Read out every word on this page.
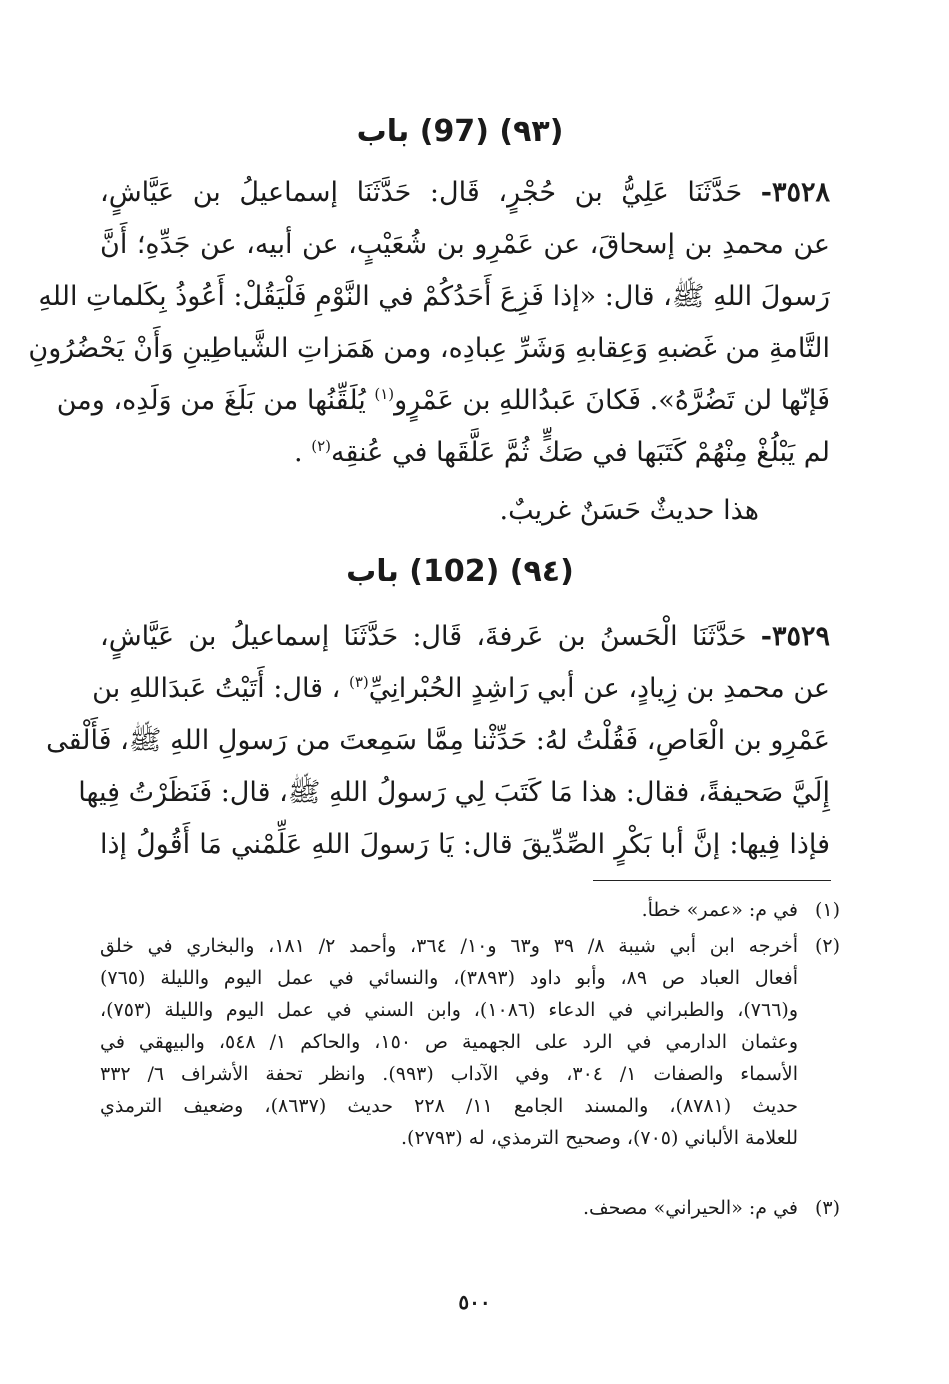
(٩٣) (97) باب
٣٥٢٨- حَدَّثَنَا عَلِيُّ بن حُجْرٍ، قَال: حَدَّثَنَا إسماعيلُ بن عَيَّاشٍ،
عن محمدِ بن إسحاقَ، عن عَمْرِو بن شُعَيْبٍ، عن أبيه، عن جَدِّهِ؛ أَنَّ
رَسولَ اللهِ ﷺ، قال: «إذا فَزِعَ أَحَدُكُمْ في النَّوْمِ فَلْيَقُلْ: أَعُوذُ بِكَلماتِ اللهِ
التَّامةِ من غَضبهِ وَعِقابهِ وَشَرِّ عِبادِه، ومن هَمَزاتِ الشَّياطِينِ وَأَنْ يَحْضُرُونِ
فَإنّها لن تَضُرَّهُ». فَكانَ عَبدُاللهِ بن عَمْرٍو$^{(١)}$ يُلَقِّنُها من بَلَغَ من وَلَدِه، ومن
لم يَبْلُغْ مِنْهُمْ كَتَبَها في صَكٍّ ثُمَّ عَلَّقَها في عُنقِه$^{(٢)}$ .
هذا حديثٌ حَسَنٌ غريبٌ.
(٩٤) (102) باب
٣٥٢٩- حَدَّثَنَا الْحَسنُ بن عَرفةَ، قَال: حَدَّثَنَا إسماعيلُ بن عَيَّاشٍ،
عن محمدِ بن زِيادٍ، عن أبي رَاشِدٍ الحُبْرانِيِّ$^{(٣)}$ ، قال: أَتَيْتُ عَبدَاللهِ بن
عَمْرِو بن الْعَاصِ، فَقُلْتُ لهُ: حَدِّثْنا مِمَّا سَمِعتَ من رَسولِ اللهِ ﷺ، فَأَلْقى
إِلَيَّ صَحيفةً، فقال: هذا مَا كَتَبَ لِي رَسولُ اللهِ ﷺ، قال: فَنَظَرْتُ فِيها
فإذا فِيها: إنَّ أبا بَكْرٍ الصِّدِّيقَ قال: يَا رَسولَ اللهِ عَلِّمْني مَا أَقُولُ إذا
(١)
في م: «عمر» خطأ.
(٢)
أخرجه ابن أبي شيبة ٨/ ٣٩ و٦٣ و١٠/ ٣٦٤، وأحمد ٢/ ١٨١، والبخاري في خلق
أفعال العباد ص ٨٩، وأبو داود (٣٨٩٣)، والنسائي في عمل اليوم والليلة (٧٦٥)
و(٧٦٦)، والطبراني في الدعاء (١٠٨٦)، وابن السني في عمل اليوم والليلة (٧٥٣)،
وعثمان الدارمي في الرد على الجهمية ص ١٥٠، والحاكم ١/ ٥٤٨، والبيهقي في
الأسماء والصفات ١/ ٣٠٤، وفي الآداب (٩٩٣). وانظر تحفة الأشراف ٦/ ٣٣٢
حديث (٨٧٨١)، والمسند الجامع ١١/ ٢٢٨ حديث (٨٦٣٧)، وضعيف الترمذي
للعلامة الألباني (٧٠٥)، وصحيح الترمذي، له (٢٧٩٣).
(٣)
في م: «الحيراني» مصحف.
٥٠٠
